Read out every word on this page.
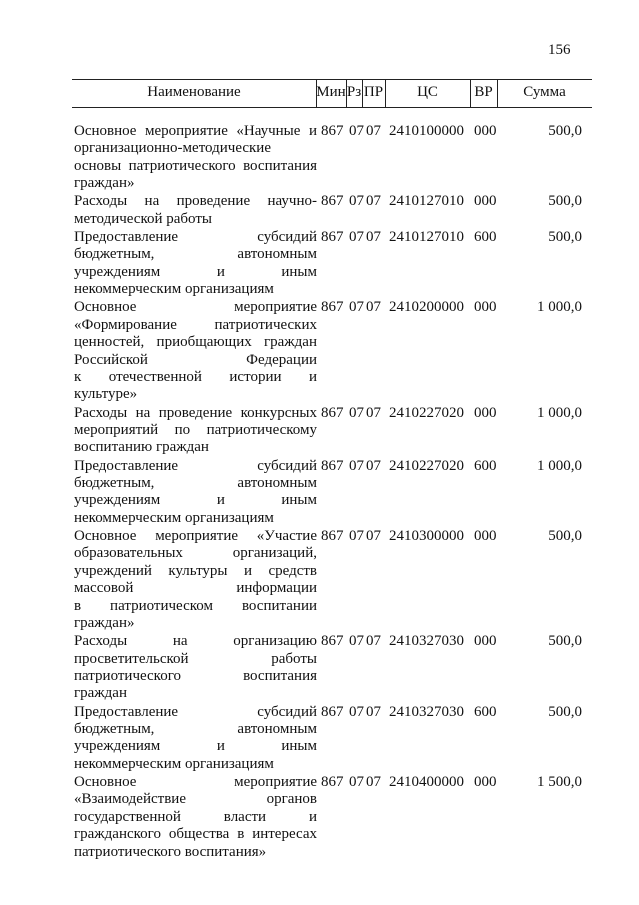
156
Наименование	Мин Рз ПР	ЦС	ВР	Сумма
Основное мероприятие «Научные и
организационно-методические
основы патриотического воспитания
граждан»
867 07 07 2410100000 000	500,0
Расходы на проведение научно-
методической работы
867 07 07 2410127010 000	500,0
Предоставление субсидий
бюджетным, автономным
учреждениям и иным
некоммерческим организациям
867 07 07 2410127010 600	500,0
Основное мероприятие
«Формирование патриотических
ценностей, приобщающих граждан
Российской Федерации
к отечественной истории и
культуре»
867 07 07 2410200000 000	1 000,0
Расходы на проведение конкурсных
мероприятий по патриотическому
воспитанию граждан
867 07 07 2410227020 000	1 000,0
Предоставление субсидий
бюджетным, автономным
учреждениям и иным
некоммерческим организациям
867 07 07 2410227020 600	1 000,0
Основное мероприятие «Участие
образовательных организаций,
учреждений культуры и средств
массовой информации
в патриотическом воспитании
граждан»
867 07 07 2410300000 000	500,0
Расходы на организацию
просветительской работы
патриотического воспитания
граждан
867 07 07 2410327030 000	500,0
Предоставление субсидий
бюджетным, автономным
учреждениям и иным
некоммерческим организациям
867 07 07 2410327030 600	500,0
Основное мероприятие
«Взаимодействие органов
государственной власти и
гражданского общества в интересах
патриотического воспитания»
867 07 07 2410400000 000	1 500,0
